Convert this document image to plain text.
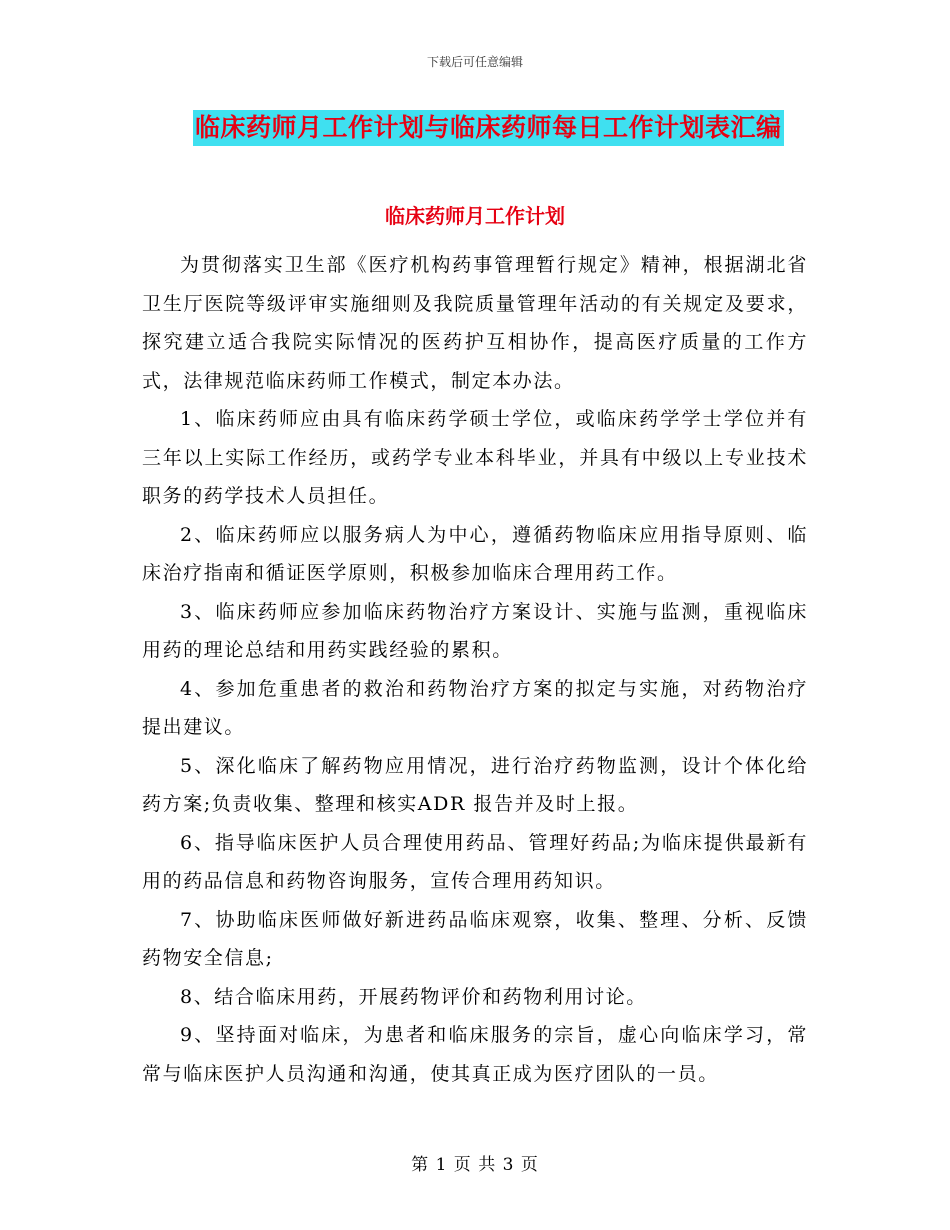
下载后可任意编辑
临床药师月工作计划与临床药师每日工作计划表汇编
临床药师月工作计划

为贯彻落实卫生部《医疗机构药事管理暂行规定》精神，根据湖北省卫生厅医院等级评审实施细则及我院质量管理年活动的有关规定及要求，探究建立适合我院实际情况的医药护互相协作，提高医疗质量的工作方式，法律规范临床药师工作模式，制定本办法。

1、临床药师应由具有临床药学硕士学位，或临床药学学士学位并有三年以上实际工作经历，或药学专业本科毕业，并具有中级以上专业技术职务的药学技术人员担任。

2、临床药师应以服务病人为中心，遵循药物临床应用指导原则、临床治疗指南和循证医学原则，积极参加临床合理用药工作。

3、临床药师应参加临床药物治疗方案设计、实施与监测，重视临床用药的理论总结和用药实践经验的累积。

4、参加危重患者的救治和药物治疗方案的拟定与实施，对药物治疗提出建议。

5、深化临床了解药物应用情况，进行治疗药物监测，设计个体化给药方案;负责收集、整理和核实ADR 报告并及时上报。

6、指导临床医护人员合理使用药品、管理好药品;为临床提供最新有用的药品信息和药物咨询服务，宣传合理用药知识。

7、协助临床医师做好新进药品临床观察，收集、整理、分析、反馈药物安全信息;

8、结合临床用药，开展药物评价和药物利用讨论。

9、坚持面对临床，为患者和临床服务的宗旨，虚心向临床学习，常常与临床医护人员沟通和沟通，使其真正成为医疗团队的一员。

第 1 页 共 3 页
